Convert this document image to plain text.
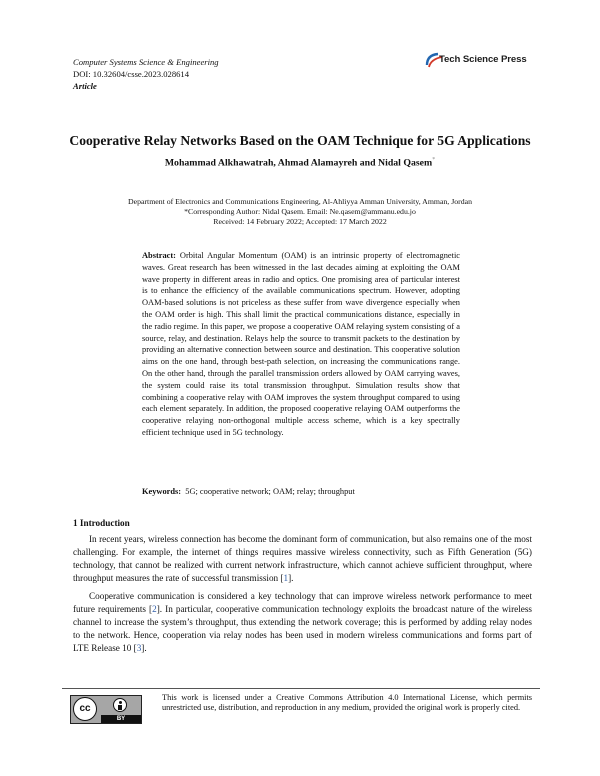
Computer Systems Science & Engineering
DOI: 10.32604/csse.2023.028614
Article
Tech Science Press
Cooperative Relay Networks Based on the OAM Technique for 5G Applications
Mohammad Alkhawatrah, Ahmad Alamayreh and Nidal Qasem*
Department of Electronics and Communications Engineering, Al-Ahliyya Amman University, Amman, Jordan
*Corresponding Author: Nidal Qasem. Email: Ne.qasem@ammanu.edu.jo
Received: 14 February 2022; Accepted: 17 March 2022
Abstract: Orbital Angular Momentum (OAM) is an intrinsic property of electromagnetic waves. Great research has been witnessed in the last decades aiming at exploiting the OAM wave property in different areas in radio and optics. One promising area of particular interest is to enhance the efficiency of the available communications spectrum. However, adopting OAM-based solutions is not priceless as these suffer from wave divergence especially when the OAM order is high. This shall limit the practical communications distance, especially in the radio regime. In this paper, we propose a cooperative OAM relaying system consisting of a source, relay, and destination. Relays help the source to transmit packets to the destination by providing an alternative connection between source and destination. This cooperative solution aims on the one hand, through best-path selection, on increasing the communications range. On the other hand, through the parallel transmission orders allowed by OAM carrying waves, the system could raise its total transmission throughput. Simulation results show that combining a cooperative relay with OAM improves the system throughput compared to using each element separately. In addition, the proposed cooperative relaying OAM outperforms the cooperative relaying non-orthogonal multiple access scheme, which is a key spectrally efficient technique used in 5G technology.
Keywords: 5G; cooperative network; OAM; relay; throughput
1 Introduction
In recent years, wireless connection has become the dominant form of communication, but also remains one of the most challenging. For example, the internet of things requires massive wireless connectivity, such as Fifth Generation (5G) technology, that cannot be realized with current network infrastructure, which cannot achieve sufficient throughput, where throughput measures the rate of successful transmission [1].
Cooperative communication is considered a key technology that can improve wireless network performance to meet future requirements [2]. In particular, cooperative communication technology exploits the broadcast nature of the wireless channel to increase the system’s throughput, thus extending the network coverage; this is performed by adding relay nodes to the network. Hence, cooperation via relay nodes has been used in modern wireless communications and forms part of LTE Release 10 [3].
cc
BY
This work is licensed under a Creative Commons Attribution 4.0 International License, which permits unrestricted use, distribution, and reproduction in any medium, provided the original work is properly cited.
